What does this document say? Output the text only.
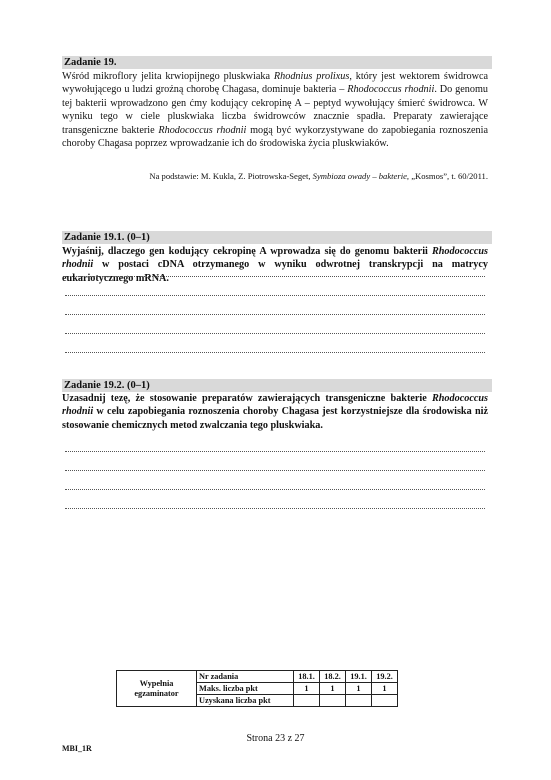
Zadanie 19.
Wśród mikroflory jelita krwiopijnego pluskwiaka Rhodnius prolixus, który jest wektorem świdrowca wywołującego u ludzi groźną chorobę Chagasa, dominuje bakteria – Rhodococcus rhodnii. Do genomu tej bakterii wprowadzono gen ćmy kodujący cekropinę A – peptyd wywołujący śmierć świdrowca. W wyniku tego w ciele pluskwiaka liczba świdrowców znacznie spadła. Preparaty zawierające transgeniczne bakterie Rhodococcus rhodnii mogą być wykorzystywane do zapobiegania roznoszenia choroby Chagasa poprzez wprowadzanie ich do środowiska życia pluskwiaków.
Na podstawie: M. Kukla, Z. Piotrowska-Seget, Symbioza owady – bakterie, „Kosmos”, t. 60/2011.
Zadanie 19.1. (0–1)
Wyjaśnij, dlaczego gen kodujący cekropinę A wprowadza się do genomu bakterii Rhodococcus rhodnii w postaci cDNA otrzymanego w wyniku odwrotnej transkrypcji na matrycy eukariotycznego mRNA.
Zadanie 19.2. (0–1)
Uzasadnij tezę, że stosowanie preparatów zawierających transgeniczne bakterie Rhodococcus rhodnii w celu zapobiegania roznoszenia choroby Chagasa jest korzystniejsze dla środowiska niż stosowanie chemicznych metod zwalczania tego pluskwiaka.
Wypełnia egzaminator	Nr zadania	18.1.	18.2.	19.1.	19.2.
	Maks. liczba pkt	1	1	1	1
	Uzyskana liczba pkt				
Strona 23 z 27
MBI_1R
